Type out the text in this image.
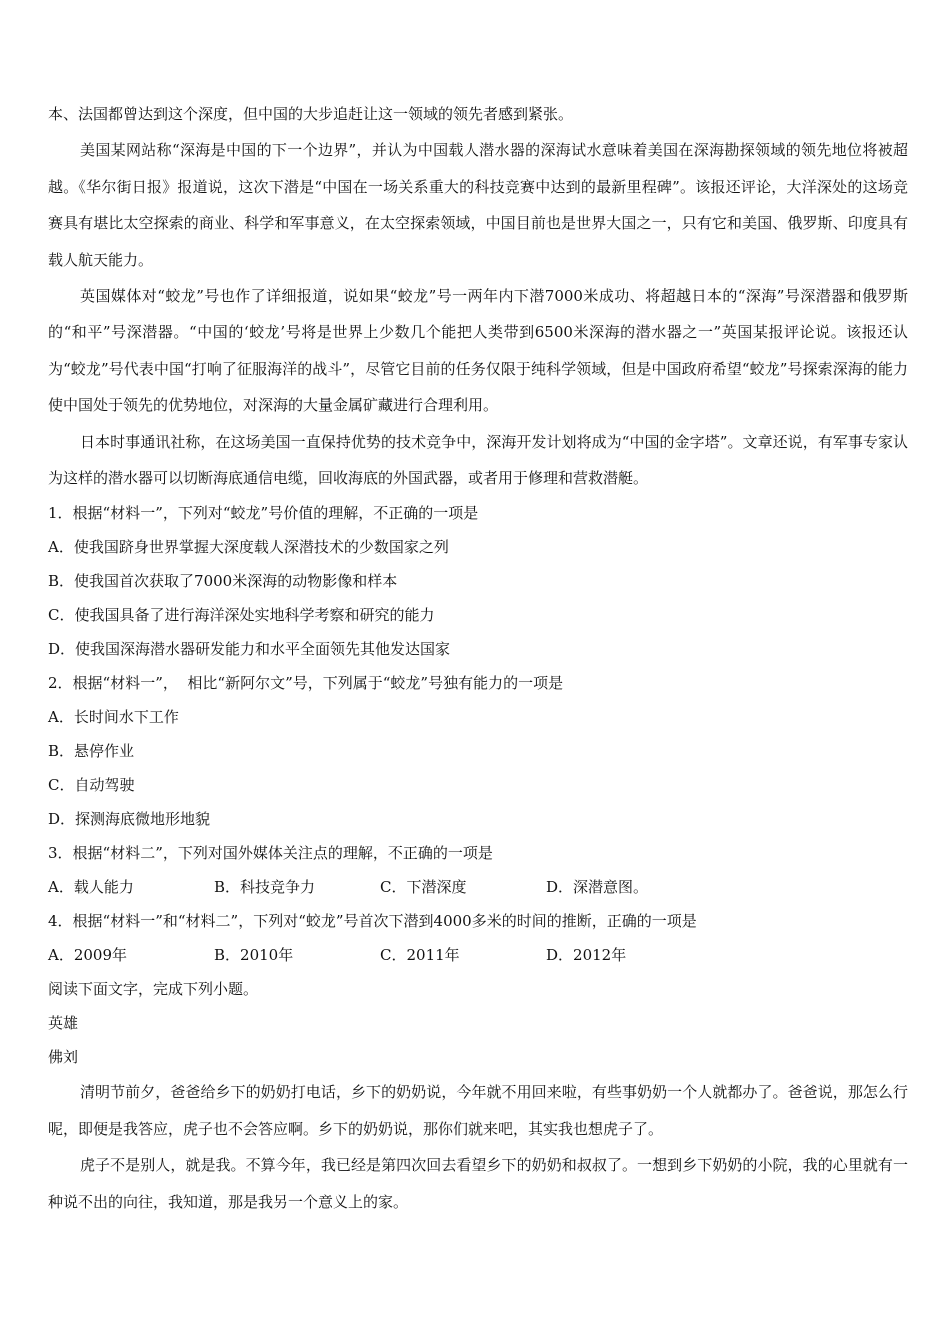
本、法国都曾达到这个深度，但中国的大步追赶让这一领域的领先者感到紧张。

美国某网站称“深海是中国的下一个边界”，并认为中国载人潜水器的深海试水意味着美国在深海勘探领域的领先地位将被超越。《华尔街日报》报道说，这次下潜是“中国在一场关系重大的科技竞赛中达到的最新里程碑”。该报还评论，大洋深处的这场竞赛具有堪比太空探索的商业、科学和军事意义，在太空探索领域，中国目前也是世界大国之一，只有它和美国、俄罗斯、印度具有载人航天能力。

英国媒体对“蛟龙”号也作了详细报道，说如果“蛟龙”号一两年内下潜7000米成功、将超越日本的“深海”号深潜器和俄罗斯的“和平”号深潜器。“中国的‘蛟龙’号将是世界上少数几个能把人类带到6500米深海的潜水器之一”英国某报评论说。该报还认为“蛟龙”号代表中国“打响了征服海洋的战斗”，尽管它目前的任务仅限于纯科学领域，但是中国政府希望“蛟龙”号探索深海的能力使中国处于领先的优势地位，对深海的大量金属矿藏进行合理利用。

日本时事通讯社称，在这场美国一直保持优势的技术竞争中，深海开发计划将成为“中国的金字塔”。文章还说，有军事专家认为这样的潜水器可以切断海底通信电缆，回收海底的外国武器，或者用于修理和营救潜艇。

1．根据“材料一”，下列对“蛟龙”号价值的理解，不正确的一项是

A．使我国跻身世界掌握大深度载人深潜技术的少数国家之列

B．使我国首次获取了7000米深海的动物影像和样本

C．使我国具备了进行海洋深处实地科学考察和研究的能力

D．使我国深海潜水器研发能力和水平全面领先其他发达国家

2．根据“材料一”，  相比“新阿尔文”号，下列属于“蛟龙”号独有能力的一项是

A．长时间水下工作

B．悬停作业

C．自动驾驶

D．探测海底微地形地貌

3．根据“材料二”，下列对国外媒体关注点的理解，不正确的一项是

A．载人能力	B．科技竞争力	C．下潜深度	D．深潜意图。

4．根据“材料一”和“材料二”，下列对“蛟龙”号首次下潜到4000多米的时间的推断，正确的一项是

A．2009年	B．2010年	C．2011年	D．2012年

阅读下面文字，完成下列小题。

英雄

佛刘

清明节前夕，爸爸给乡下的奶奶打电话，乡下的奶奶说，今年就不用回来啦，有些事奶奶一个人就都办了。爸爸说，那怎么行呢，即便是我答应，虎子也不会答应啊。乡下的奶奶说，那你们就来吧，其实我也想虎子了。

虎子不是别人，就是我。不算今年，我已经是第四次回去看望乡下的奶奶和叔叔了。一想到乡下奶奶的小院，我的心里就有一种说不出的向往，我知道，那是我另一个意义上的家。
